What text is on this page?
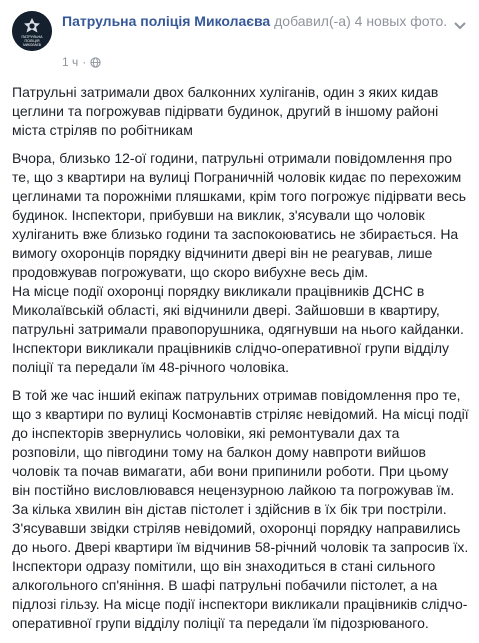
ПАТРУЛЬНА
ПОЛІЦІЯ
МИКОЛАЄВ
Патрульна поліція Миколаєва добавил(-а) 4 новых фото.
1 ч ·

Патрульні затримали двох балконних хуліганів, один з яких кидав цеглини та погрожував підірвати будинок, другий в іншому районі міста стріляв по робітникам

Вчора, близько 12-ої години, патрульні отримали повідомлення про те, що з квартири на вулиці Пограничній чоловік кидає по перехожим цеглинами та порожніми пляшками, крім того погрожує підірвати весь будинок. Інспектори, прибувши на виклик, з'ясували що чоловік хуліганить вже близько години та заспокоюватись не збирається. На вимогу охоронців порядку відчинити двері він не реагував, лише продовжував погрожувати, що скоро вибухне весь дім.
На місце події охоронці порядку викликали працівників ДСНС в Миколаївській області, які відчинили двері. Зайшовши в квартиру, патрульні затримали правопорушника, одягнувши на нього кайданки. Інспектори викликали працівників слідчо-оперативної групи відділу поліції та передали їм 48-річного чоловіка.

В той же час інший екіпаж патрульних отримав повідомлення про те, що з квартири по вулиці Космонавтів стріляє невідомий. На місці події до інспекторів звернулись чоловіки, які ремонтували дах та розповіли, що півгодини тому на балкон дому навпроти вийшов чоловік та почав вимагати, аби вони припинили роботи. При цьому він постійно висловлювався нецензурною лайкою та погрожував їм. За кілька хвилин він дістав пістолет і здійснив в їх бік три постріли. З'ясувавши звідки стріляв невідомий, охоронці порядку направились до нього. Двері квартири їм відчинив 58-річний чоловік та запросив їх. Інспектори одразу помітили, що він знаходиться в стані сильного алкогольного сп'яніння. В шафі патрульні побачили пістолет, а на підлозі гільзу. На місце події інспектори викликали працівників слідчо-оперативної групи відділу поліції та передали їм підозрюваного.
